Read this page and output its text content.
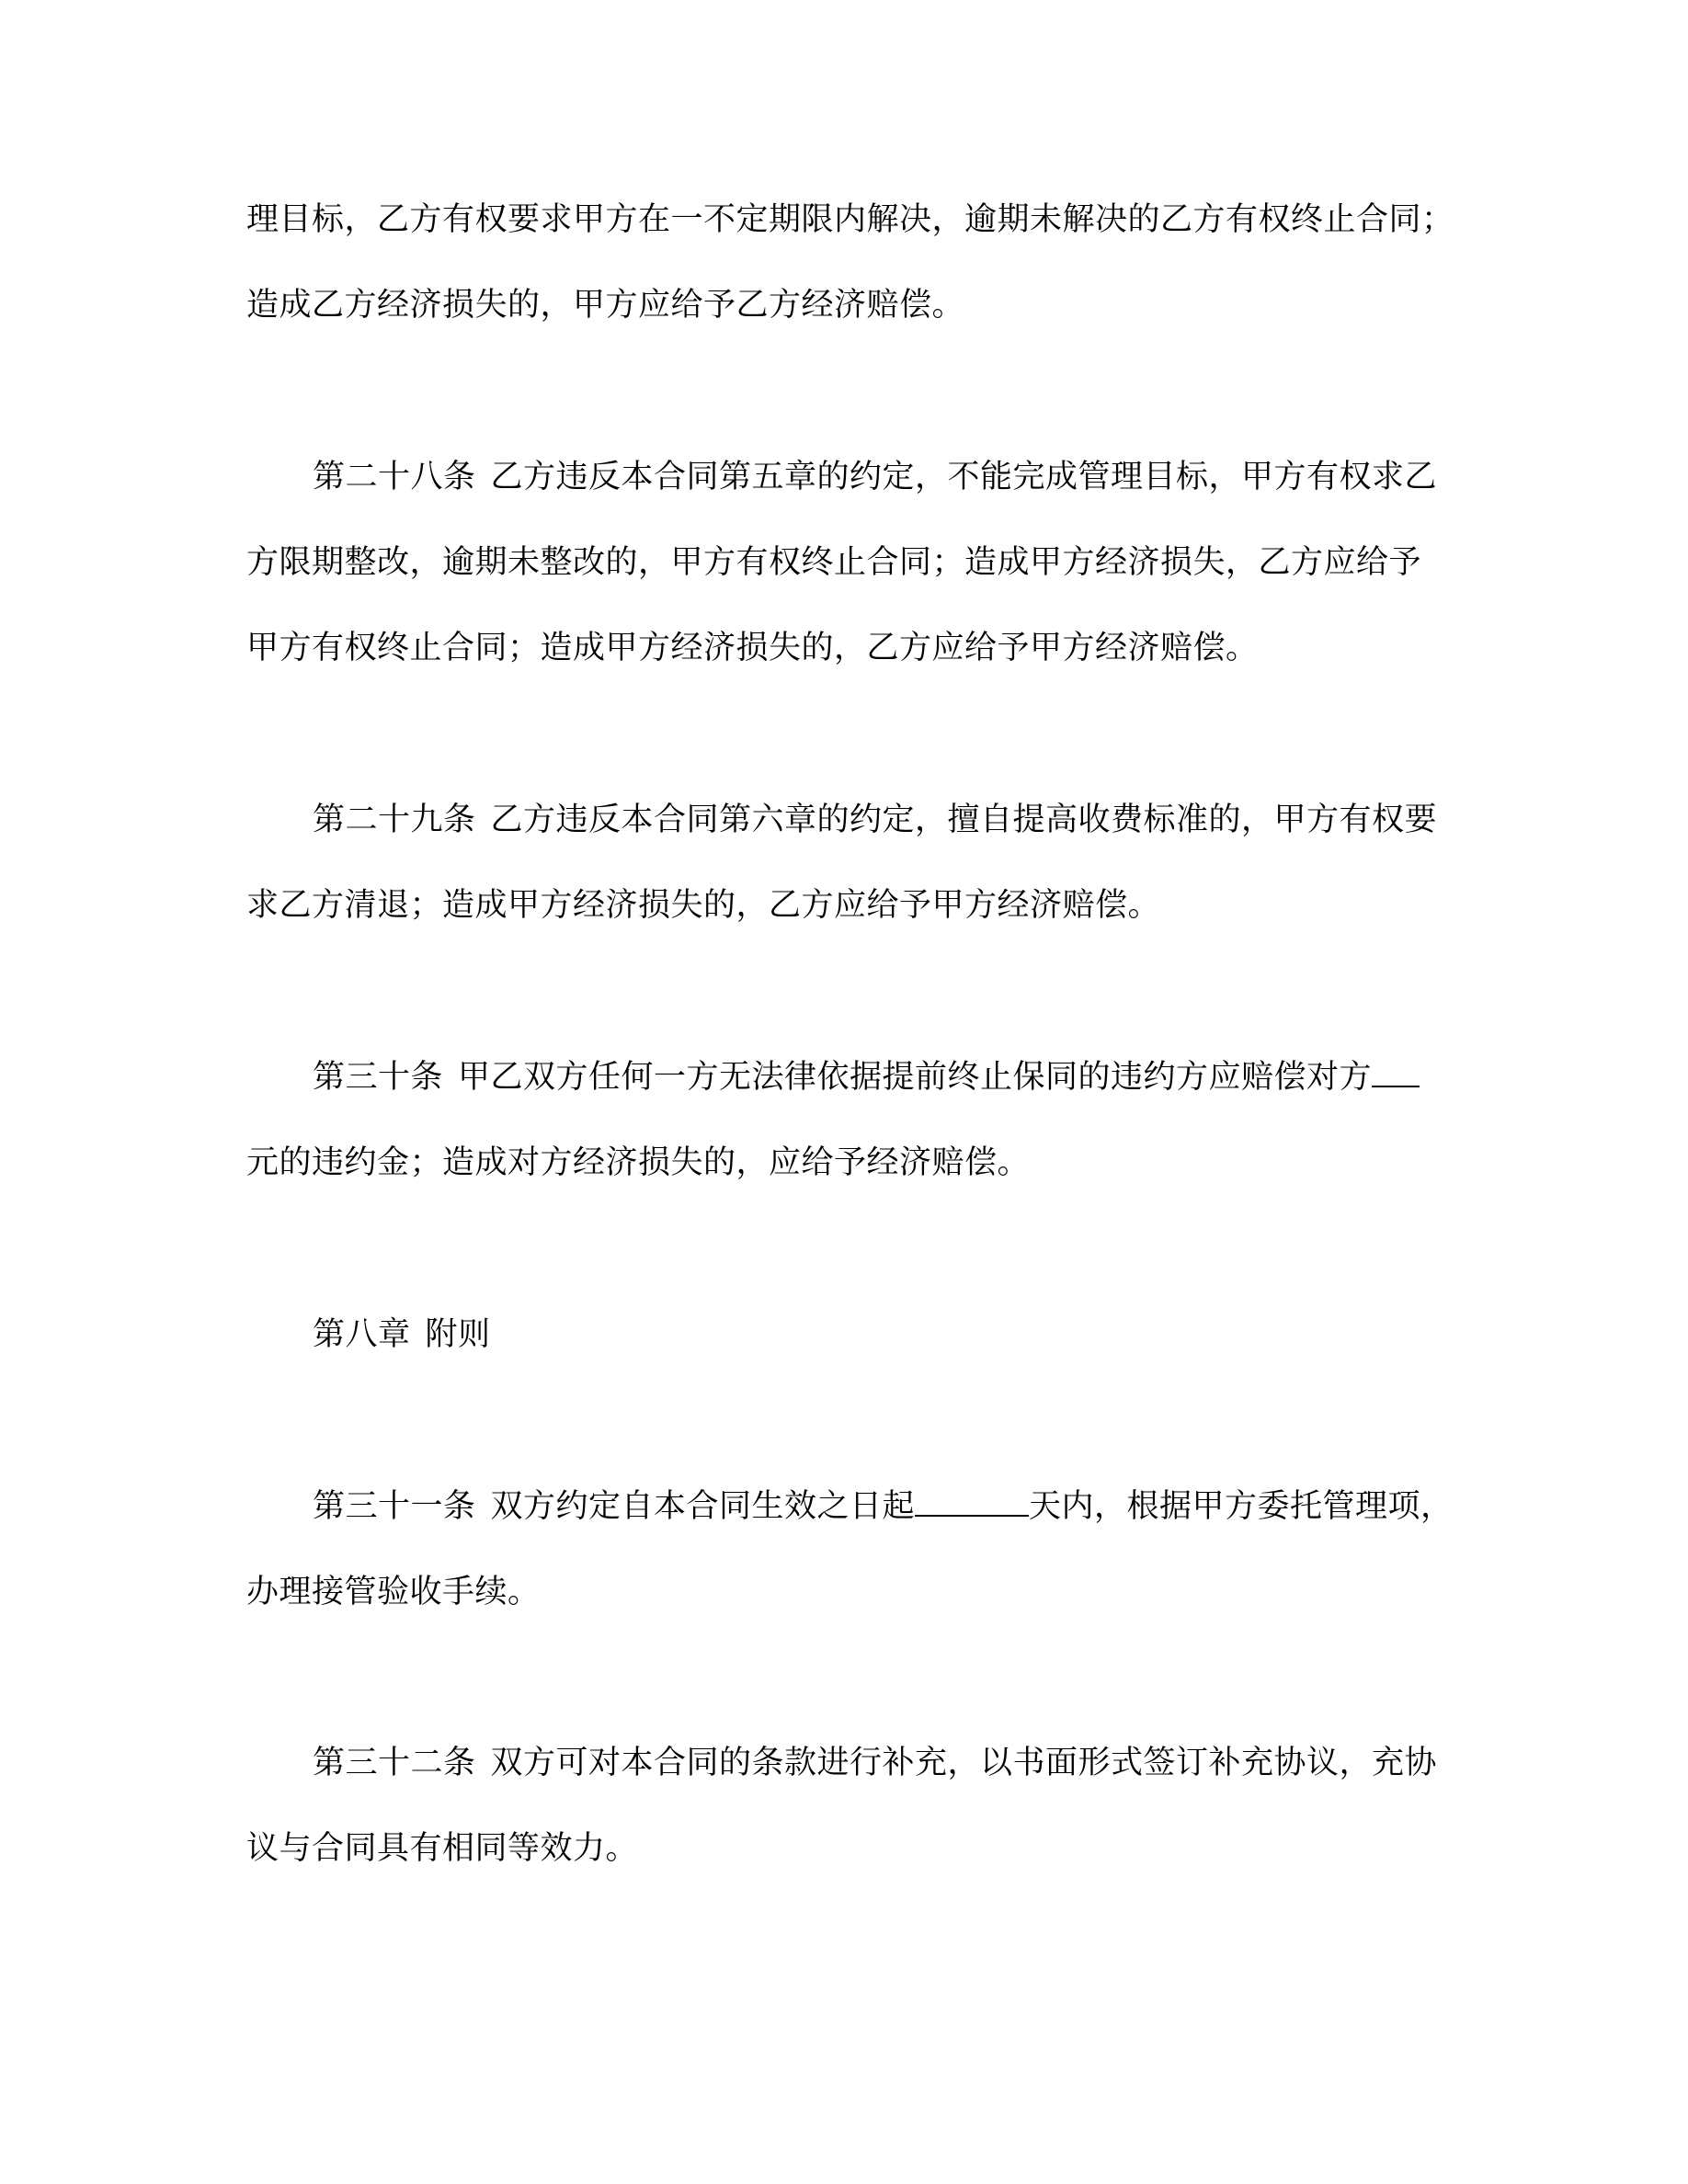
理目标，乙方有权要求甲方在一不定期限内解决，逾期未解决的乙方有权终止合同；
造成乙方经济损失的，甲方应给予乙方经济赔偿。
第二十八条 乙方违反本合同第五章的约定，不能完成管理目标，甲方有权求乙
方限期整改，逾期未整改的，甲方有权终止合同；造成甲方经济损失，乙方应给予
甲方有权终止合同；造成甲方经济损失的，乙方应给予甲方经济赔偿。
第二十九条 乙方违反本合同第六章的约定，擅自提高收费标准的，甲方有权要
求乙方清退；造成甲方经济损失的，乙方应给予甲方经济赔偿。
第三十条 甲乙双方任何一方无法律依据提前终止保同的违约方应赔偿对方
元的违约金；造成对方经济损失的，应给予经济赔偿。
第八章 附则
第三十一条 双方约定自本合同生效之日起	天内，根据甲方委托管理项，
办理接管验收手续。
第三十二条 双方可对本合同的条款进行补充，以书面形式签订补充协议，充协
议与合同具有相同等效力。
